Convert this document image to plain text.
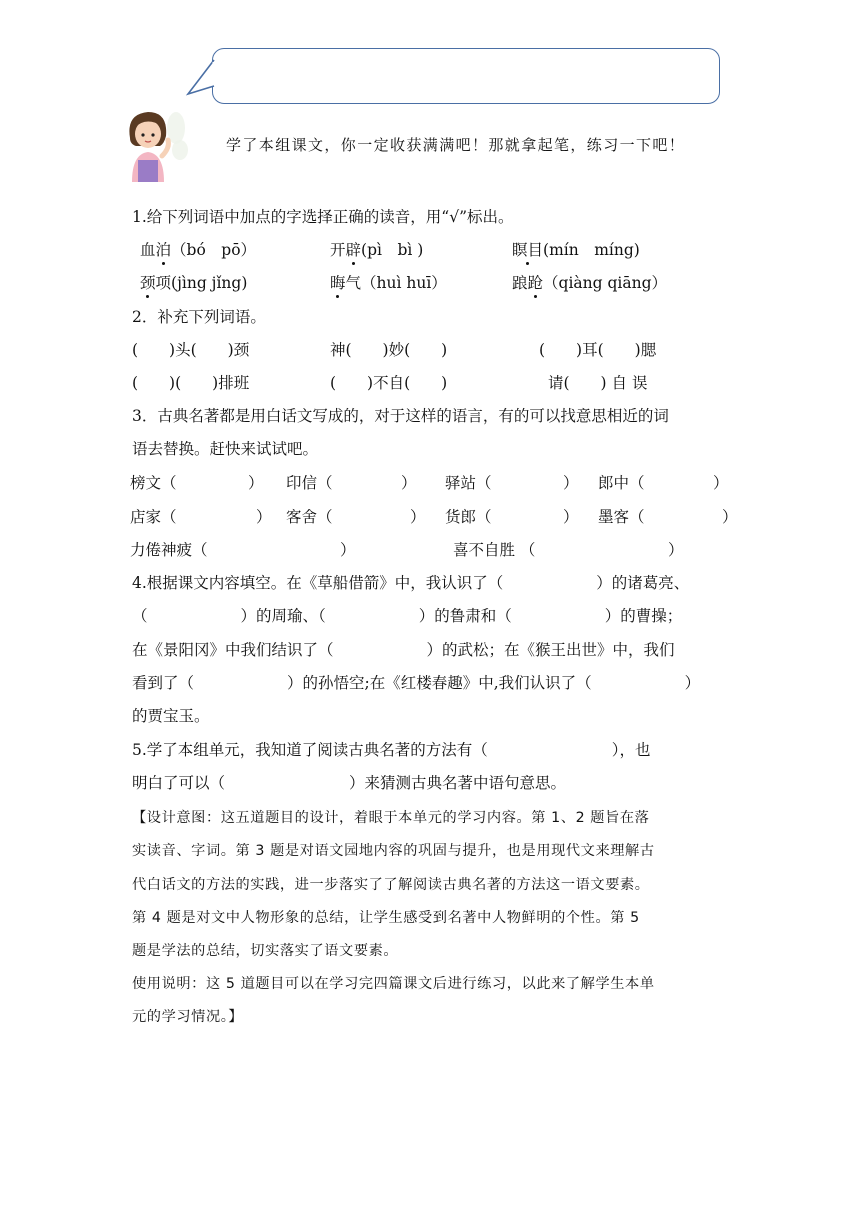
学了本组课文，你一定收获满满吧！那就拿起笔，练习一下吧！
1.给下列词语中加点的字选择正确的读音，用“√”标出。
血泊（bó　pō）	开辟(pì　bì )	瞑目(mín　míng)
颈项(jìng jǐng)	晦气（huì huī）	踉跄（qiàng qiāng）
2．补充下列词语。
(　　)头(　　)颈	神(　　)妙(　　)	(　　)耳(　　)腮
(　　)(　　)排班	(　　)不自(　　)	请(　　) 自 误
3．古典名著都是用白话文写成的，对于这样的语言，有的可以找意思相近的词
语去替换。赶快来试试吧。
榜文（	） 印信（	） 驿站（	） 郎中（	）
店家（	） 客舍（	） 货郎（	） 墨客（	）
力倦神疲（	）	喜不自胜 （	）
4.根据课文内容填空。在《草船借箭》中，我认识了（　　　　　　）的诸葛亮、
（　　　　　　）的周瑜、（　　　　　　）的鲁肃和（　　　　　　）的曹操；
在《景阳冈》中我们结识了（　　　　　　）的武松；在《猴王出世》中，我们
看到了（　　　　　　）的孙悟空;在《红楼春趣》中,我们认识了（　　　　　　）
的贾宝玉。
5.学了本组单元，我知道了阅读古典名著的方法有（　　　　　　　　），也
明白了可以（　　　　　　　　）来猜测古典名著中语句意思。
【设计意图：这五道题目的设计，着眼于本单元的学习内容。第 1、2 题旨在落
实读音、字词。第 3 题是对语文园地内容的巩固与提升，也是用现代文来理解古
代白话文的方法的实践，进一步落实了了解阅读古典名著的方法这一语文要素。
第 4 题是对文中人物形象的总结，让学生感受到名著中人物鲜明的个性。第 5
题是学法的总结，切实落实了语文要素。
使用说明：这 5 道题目可以在学习完四篇课文后进行练习，以此来了解学生本单
元的学习情况。】
